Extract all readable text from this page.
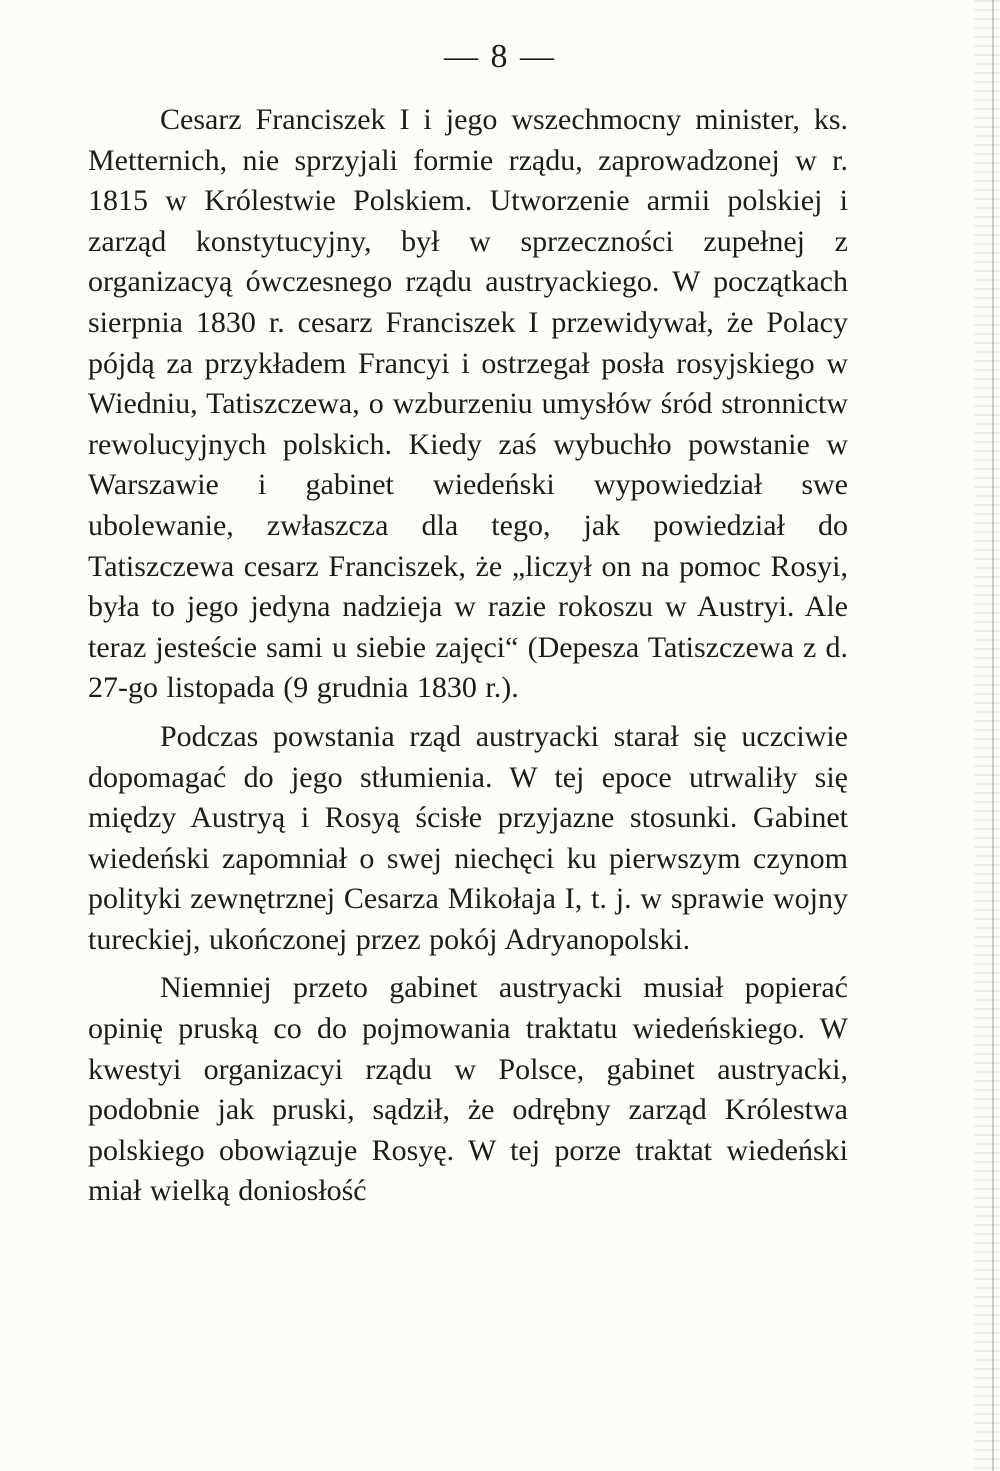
— 8 —

Cesarz Franciszek I i jego wszechmocny minister, ks. Metternich, nie sprzyjali formie rządu, zaprowadzonej w r. 1815 w Królestwie Polskiem. Utworzenie armii polskiej i zarząd konstytucyjny, był w sprzeczności zupełnej z organizacyą ówczesnego rządu austryackiego. W początkach sierpnia 1830 r. cesarz Franciszek I przewidywał, że Polacy pójdą za przykładem Francyi i ostrzegał posła rosyjskiego w Wiedniu, Tatiszczewa, o wzburzeniu umysłów śród stronnictw rewolucyjnych polskich. Kiedy zaś wybuchło powstanie w Warszawie i gabinet wiedeński wypowiedział swe ubolewanie, zwłaszcza dla tego, jak powiedział do Tatiszczewa cesarz Franciszek, że „liczył on na pomoc Rosyi, była to jego jedyna nadzieja w razie rokoszu w Austryi. Ale teraz jesteście sami u siebie zajęci“ (Depesza Tatiszczewa z d. 27-go listopada (9 grudnia 1830 r.).

Podczas powstania rząd austryacki starał się uczciwie dopomagać do jego stłumienia. W tej epoce utrwaliły się między Austryą i Rosyą ścisłe przyjazne stosunki. Gabinet wiedeński zapomniał o swej niechęci ku pierwszym czynom polityki zewnętrznej Cesarza Mikołaja I, t. j. w sprawie wojny tureckiej, ukończonej przez pokój Adryanopolski.

Niemniej przeto gabinet austryacki musiał popierać opinię pruską co do pojmowania traktatu wiedeńskiego. W kwestyi organizacyi rządu w Polsce, gabinet austryacki, podobnie jak pruski, sądził, że odrębny zarząd Królestwa polskiego obowiązuje Rosyę. W tej porze traktat wiedeński miał wielką doniosłość
